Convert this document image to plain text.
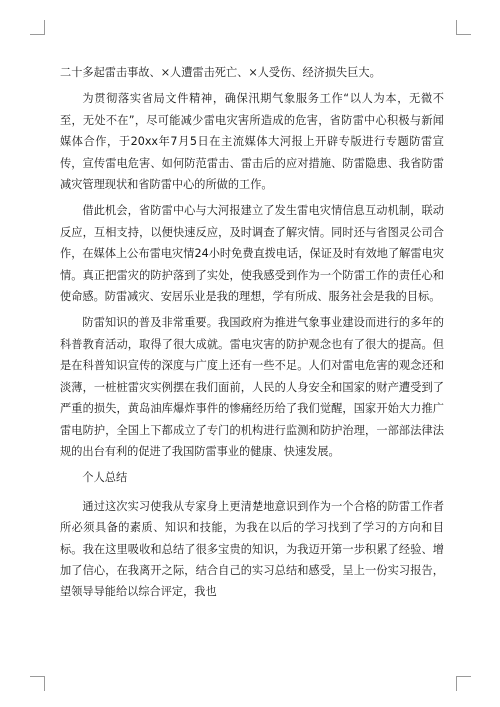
二十多起雷击事故、×人遭雷击死亡、×人受伤、经济损失巨大。

为贯彻落实省局文件精神，确保汛期气象服务工作“以人为本，无微不至，无处不在”，尽可能减少雷电灾害所造成的危害，省防雷中心积极与新闻媒体合作，于20xx年7月5日在主流媒体大河报上开辟专版进行专题防雷宣传，宣传雷电危害、如何防范雷击、雷击后的应对措施、防雷隐患、我省防雷减灾管理现状和省防雷中心的所做的工作。

借此机会，省防雷中心与大河报建立了发生雷电灾情信息互动机制，联动反应，互相支持，以便快速反应，及时调查了解灾情。同时还与省图灵公司合作，在媒体上公布雷电灾情24小时免费直拨电话，保证及时有效地了解雷电灾情。真正把雷灾的防护落到了实处，使我感受到作为一个防雷工作的责任心和使命感。防雷减灾、安居乐业是我的理想，学有所成、服务社会是我的目标。

防雷知识的普及非常重要。我国政府为推进气象事业建设而进行的多年的科普教育活动，取得了很大成就。雷电灾害的防护观念也有了很大的提高。但是在科普知识宣传的深度与广度上还有一些不足。人们对雷电危害的观念还和淡薄，一桩桩雷灾实例摆在我们面前，人民的人身安全和国家的财产遭受到了严重的损失，黄岛油库爆炸事件的惨痛经历给了我们觉醒，国家开始大力推广雷电防护，全国上下都成立了专门的机构进行监测和防护治理，一部部法律法规的出台有利的促进了我国防雷事业的健康、快速发展。

个人总结

通过这次实习使我从专家身上更清楚地意识到作为一个合格的防雷工作者所必须具备的素质、知识和技能，为我在以后的学习找到了学习的方向和目标。我在这里吸收和总结了很多宝贵的知识，为我迈开第一步积累了经验、增加了信心，在我离开之际，结合自己的实习总结和感受，呈上一份实习报告，望领导导能给以综合评定，我也
